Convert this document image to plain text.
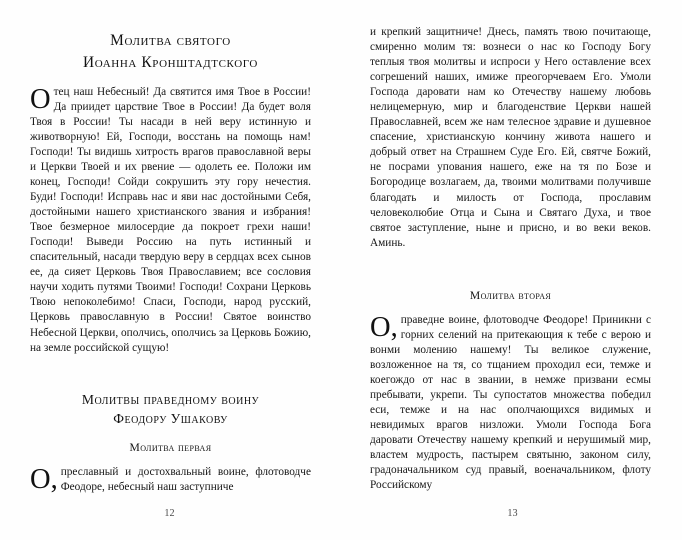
Молитва святого
Иоанна Кронштадтского

Отец наш Небесный! Да святится имя Твое в России! Да приидет царствие Твое в России! Да будет воля Твоя в России! Ты насади в ней веру истинную и животворную! Ей, Господи, восстань на помощь нам! Господи! Ты видишь хитрость врагов православной веры и Церкви Твоей и их рвение — одолеть ее. Положи им конец, Господи! Сойди сокрушить эту гору нечестия. Буди! Господи! Исправь нас и яви нас достойными Себя, достойными нашего христианского звания и избрания! Твое безмерное милосердие да покроет грехи наши! Господи! Выведи Россию на путь истинный и спасительный, насади твердую веру в сердцах всех сынов ее, да сияет Церковь Твоя Православием; все сословия научи ходить путями Твоими! Господи! Сохрани Церковь Твою непоколебимо! Спаси, Господи, народ русский, Церковь православную в России! Святое воинство Небесной Церкви, ополчись, ополчись за Церковь Божию, на земле российской сущую!

Молитвы праведному воину
Феодору Ушакову
Молитва первая

О,преславный и достохвальный воине, флотоводче Феодоре, небесный наш заступниче

12

и крепкий защитниче! Днесь, память твою почитающе, смиренно молим тя: вознеси о нас ко Господу Богу теплыя твоя молитвы и испроси у Него оставление всех согрешений наших, имиже преогорчеваем Его. Умоли Господа даровати нам ко Отечеству нашему любовь нелицемерную, мир и благоденствие Церкви нашей Православней, всем же нам телесное здравие и душевное спасение, христианскую кончину живота нашего и добрый ответ на Страшнем Суде Его. Ей, святче Божий, не посрами упования нашего, еже на тя по Бозе и Богородице возлагаем, да, твоими молитвами получивше благодать и милость от Господа, прославим человеколюбие Отца и Сына и Святаго Духа, и твое святое заступление, ныне и присно, и во веки веков. Аминь.

Молитва вторая

О,праведне воине, флотоводче Феодоре! Приникни с горних селений на притекающия к тебе с верою и вонми молению нашему! Ты великое служение, возложенное на тя, со тщанием проходил еси, темже и коегождо от нас в звании, в немже призвани есмы пребывати, укрепи. Ты супостатов множества победил еси, темже и на нас ополчающихся видимых и невидимых врагов низложи. Умоли Господа Бога даровати Отечеству нашему крепкий и нерушимый мир, властем мудрость, пастырем святыню, законом силу, градоначальником суд правый, военачальником, флоту Российскому

13
